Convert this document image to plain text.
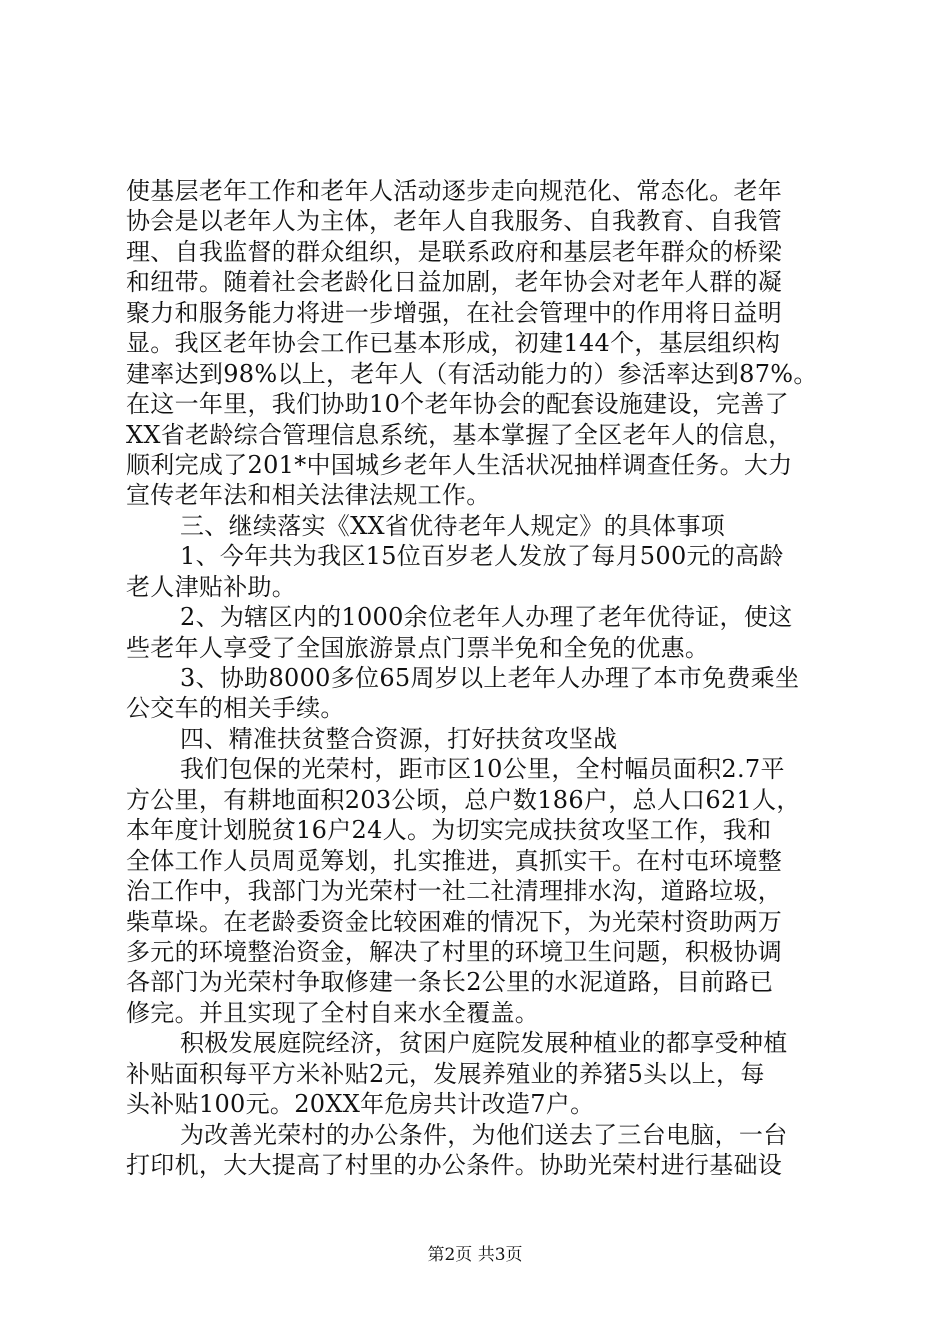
使基层老年工作和老年人活动逐步走向规范化、常态化。老年
协会是以老年人为主体，老年人自我服务、自我教育、自我管
理、自我监督的群众组织，是联系政府和基层老年群众的桥梁
和纽带。随着社会老龄化日益加剧，老年协会对老年人群的凝
聚力和服务能力将进一步增强，在社会管理中的作用将日益明
显。我区老年协会工作已基本形成，初建144个，基层组织构
建率达到98%以上，老年人（有活动能力的）参活率达到87%。
在这一年里，我们协助10个老年协会的配套设施建设，完善了
XX省老龄综合管理信息系统，基本掌握了全区老年人的信息，
顺利完成了201*中国城乡老年人生活状况抽样调查任务。大力
宣传老年法和相关法律法规工作。
三、继续落实《XX省优待老年人规定》的具体事项
1、今年共为我区15位百岁老人发放了每月500元的高龄
老人津贴补助。
2、为辖区内的1000余位老年人办理了老年优待证，使这
些老年人享受了全国旅游景点门票半免和全免的优惠。
3、协助8000多位65周岁以上老年人办理了本市免费乘坐
公交车的相关手续。
四、精准扶贫整合资源，打好扶贫攻坚战
我们包保的光荣村，距市区10公里，全村幅员面积2.7平
方公里，有耕地面积203公顷，总户数186户，总人口621人，
本年度计划脱贫16户24人。为切实完成扶贫攻坚工作，我和
全体工作人员周觅筹划，扎实推进，真抓实干。在村屯环境整
治工作中，我部门为光荣村一社二社清理排水沟，道路垃圾，
柴草垛。在老龄委资金比较困难的情况下，为光荣村资助两万
多元的环境整治资金，解决了村里的环境卫生问题，积极协调
各部门为光荣村争取修建一条长2公里的水泥道路，目前路已
修完。并且实现了全村自来水全覆盖。
积极发展庭院经济，贫困户庭院发展种植业的都享受种植
补贴面积每平方米补贴2元，发展养殖业的养猪5头以上，每
头补贴100元。20XX年危房共计改造7户。
为改善光荣村的办公条件，为他们送去了三台电脑，一台
打印机，大大提高了村里的办公条件。协助光荣村进行基础设
第2页 共3页
